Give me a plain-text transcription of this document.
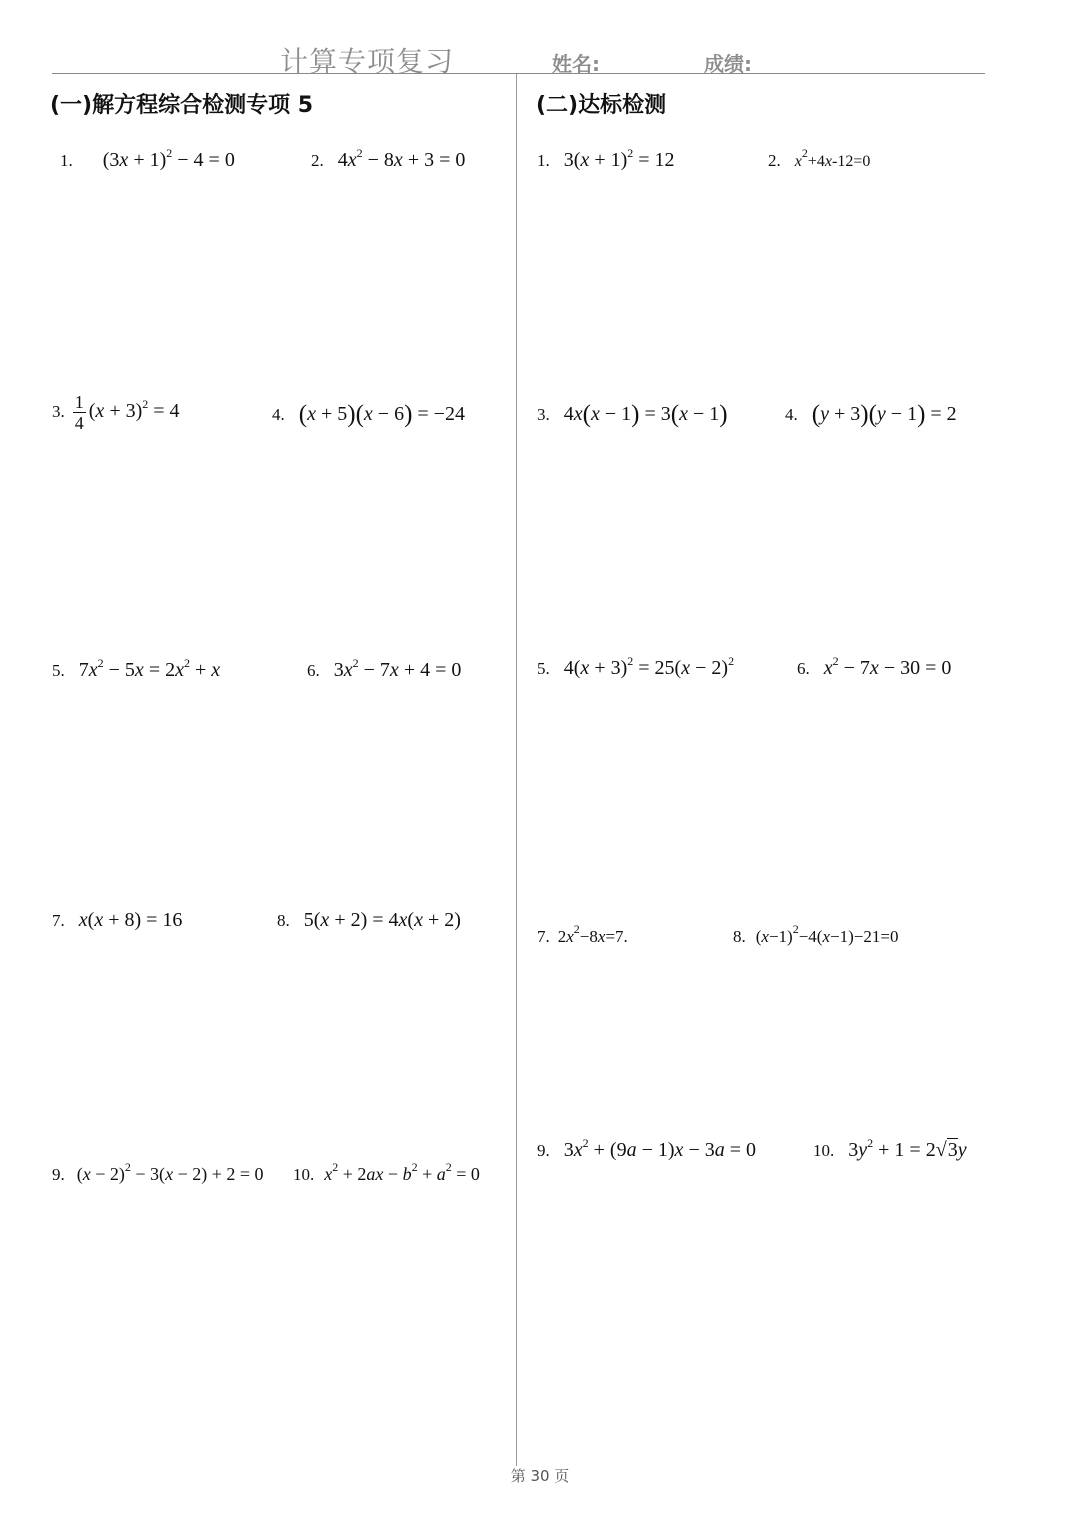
计算专项复习	姓名:	成绩:
(一)解方程综合检测专项 5	(二)达标检测
1. $(3x + 1)^2 - 4 = 0$	2. $4x^2 - 8x + 3 = 0$
3. $\frac{1}{4} (x + 3)^2 = 4$	4. (x + 5)(x − 6) = −24
5. $7x^2 - 5x = 2x^2 + x$	6. $3x^2 - 7x + 4 = 0$
7. x(x + 8) = 16	8. 5(x + 2) = 4x(x + 2)
9. $(x - 2)^2 - 3(x - 2) + 2 = 0$ 10. $x^2 + 2ax - b^2 + a^2 = 0$
1. $3(x + 1)^2 = 12$	2. $x^2+4x-12=0$
3. 4x(x − 1) = 3(x − 1)	4. (y + 3)(y − 1) = 2
5. $4(x + 3)^2 = 25(x - 2)^2$	6. $x^2 - 7x - 30 = 0$
7. $2x^2-8x=7$.	8. $(x-1)^2-4(x-1)-21=0$
9. $3x^2 + (9a - 1)x - 3a = 0$	10. $3y^2 + 1 = 2√3y$
第 30 页
